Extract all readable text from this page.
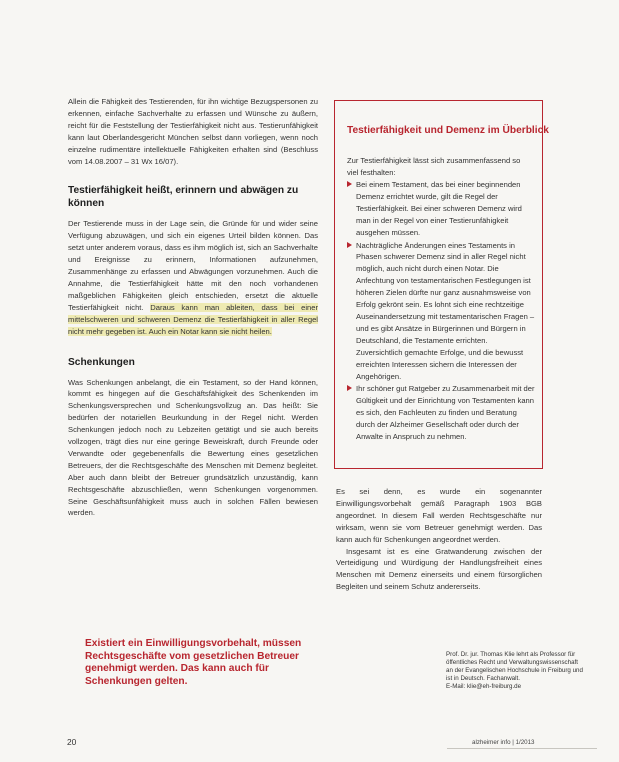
Allein die Fähigkeit des Testierenden, für ihn wichtige Bezugspersonen zu erkennen, einfache Sachverhalte zu erfassen und Wünsche zu äußern, reicht für die Feststellung der Testierfähigkeit nicht aus. Testierunfähigkeit kann laut Oberlandesgericht München selbst dann vorliegen, wenn noch einzelne rudimentäre intellektuelle Fähigkeiten erhalten sind (Beschluss vom 14.08.2007 – 31 Wx 16/07).

Testierfähigkeit heißt, erinnern und abwägen zu können

Der Testierende muss in der Lage sein, die Gründe für und wider seine Verfügung abzuwägen, und sich ein eigenes Urteil bilden können. Das setzt unter anderem voraus, dass es ihm möglich ist, sich an Sachverhalte und Ereignisse zu erinnern, Informationen aufzunehmen, Zusammenhänge zu erfassen und Abwägungen vorzunehmen. Auch die Annahme, die Testierfähigkeit hätte mit den noch vorhandenen maßgeblichen Fähigkeiten gleich entschieden, ersetzt die aktuelle Testierfähigkeit nicht. Daraus kann man ableiten, dass bei einer mittelschweren und schweren Demenz die Testierfähigkeit in aller Regel nicht mehr gegeben ist. Auch ein Notar kann sie nicht heilen.

Schenkungen

Was Schenkungen anbelangt, die ein Testament, so der Hand können, kommt es hingegen auf die Geschäftsfähigkeit des Schenkenden im Schenkungsversprechen und Schenkungsvollzug an. Das heißt: Sie bedürfen der notariellen Beurkundung in der Regel nicht. Werden Schenkungen jedoch noch zu Lebzeiten getätigt und sie auch bereits vollzogen, trägt dies nur eine geringe Beweiskraft, durch Freunde oder Verwandte oder gegebenenfalls die Bewertung eines gesetzlichen Betreuers, der die Rechtsgeschäfte des Menschen mit Demenz begleitet. Aber auch dann bleibt der Betreuer grundsätzlich unzuständig, kann Rechtsgeschäfte abzuschließen, wenn Schenkungen vorgenommen. Seine Geschäftsunfähigkeit muss auch in solchen Fällen bewiesen werden.

Testierfähigkeit und Demenz im Überblick

Zur Testierfähigkeit lässt sich zusammenfassend so viel festhalten:

Bei einem Testament, das bei einer beginnenden Demenz errichtet wurde, gilt die Regel der Testierfähigkeit. Bei einer schweren Demenz wird man in der Regel von einer Testierunfähigkeit ausgehen müssen.
Nachträgliche Änderungen eines Testaments in Phasen schwerer Demenz sind in aller Regel nicht möglich, auch nicht durch einen Notar. Die Anfechtung von testamentarischen Festlegungen ist höheren Zielen dürfte nur ganz ausnahmsweise von Erfolg gekrönt sein. Es lohnt sich eine rechtzeitige Auseinandersetzung mit testamentarischen Fragen – und es gibt Ansätze in Bürgerinnen und Bürgern in Deutschland, die Testamente errichten. Zuversichtlich gemachte Erfolge, und die bewusst erreichten Interessen sichern die Interessen der Angehörigen.
Ihr schöner gut Ratgeber zu Zusammenarbeit mit der Gültigkeit und der Einrichtung von Testamenten kann es sich, den Fachleuten zu finden und Beratung durch der Alzheimer Gesellschaft oder durch der Anwalte in Anspruch zu nehmen.

Es sei denn, es wurde ein sogenannter Einwilligungsvorbehalt gemäß Paragraph 1903 BGB angeordnet. In diesem Fall werden Rechtsgeschäfte nur wirksam, wenn sie vom Betreuer genehmigt werden. Das kann auch für Schenkungen angeordnet werden.

Insgesamt ist es eine Gratwanderung zwischen der Verteidigung und Würdigung der Handlungsfreiheit eines Menschen mit Demenz einerseits und einem fürsorglichen Begleiten und seinem Schutz andererseits.

Existiert ein Einwilligungsvorbehalt, müssen Rechtsgeschäfte vom gesetzlichen Betreuer genehmigt werden. Das kann auch für Schenkungen gelten.

Prof. Dr. jur. Thomas Klie lehrt als Professor für öffentliches Recht und Verwaltungswissenschaft an der Evangelischen Hochschule in Freiburg und ist in Deutsch. Fachanwalt.

E-Mail: klie@eh-freiburg.de

20	alzheimer info | 1/2013
